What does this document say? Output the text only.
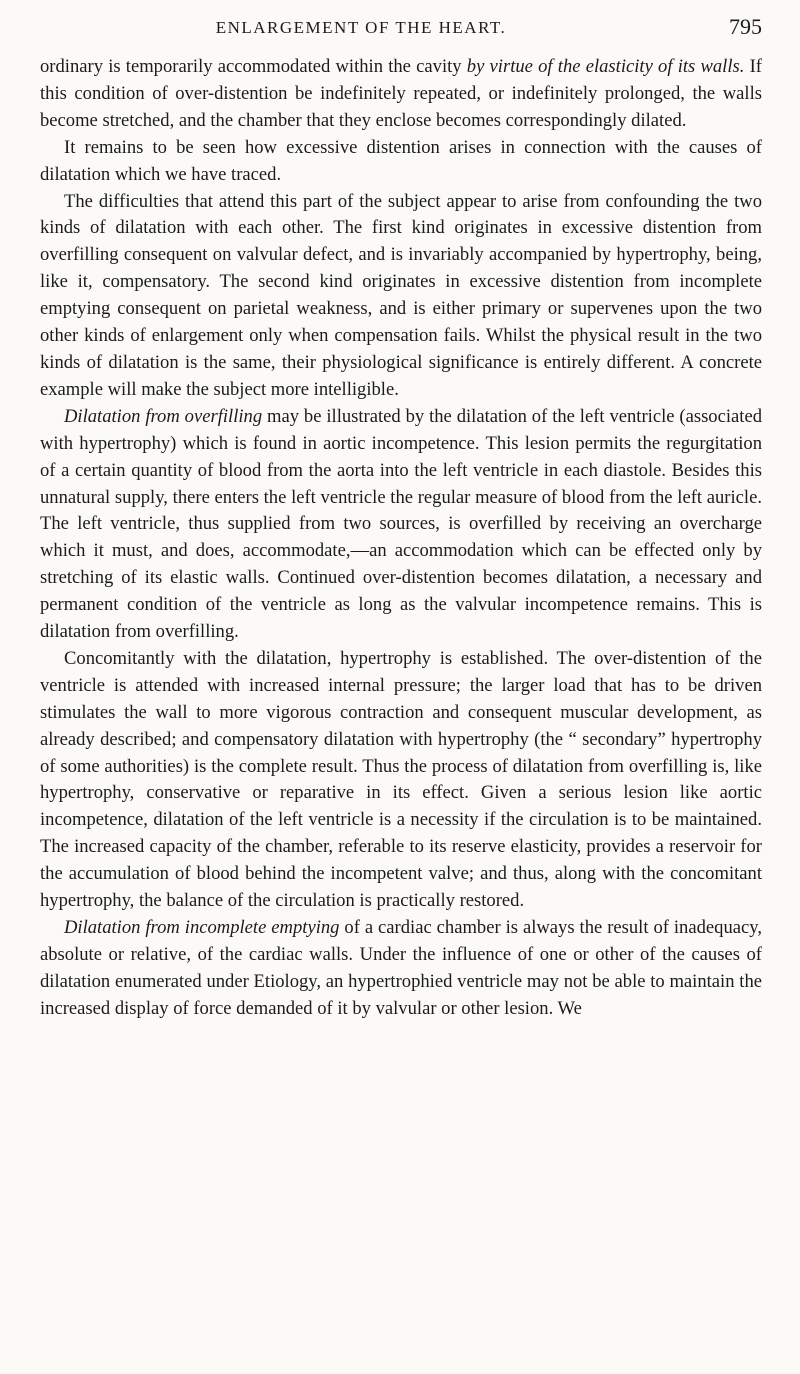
ENLARGEMENT OF THE HEART.	795

ordinary is temporarily accommodated within the cavity by virtue of the elasticity of its walls. If this condition of over-distention be indefinitely repeated, or indefinitely prolonged, the walls become stretched, and the chamber that they enclose becomes correspondingly dilated.

It remains to be seen how excessive distention arises in connection with the causes of dilatation which we have traced.

The difficulties that attend this part of the subject appear to arise from confounding the two kinds of dilatation with each other. The first kind originates in excessive distention from overfilling consequent on valvular defect, and is invariably accompanied by hypertrophy, being, like it, compensatory. The second kind originates in excessive distention from incomplete emptying consequent on parietal weakness, and is either primary or supervenes upon the two other kinds of enlargement only when compensation fails. Whilst the physical result in the two kinds of dilatation is the same, their physiological significance is entirely different. A concrete example will make the subject more intelligible.

Dilatation from overfilling may be illustrated by the dilatation of the left ventricle (associated with hypertrophy) which is found in aortic incompetence. This lesion permits the regurgitation of a certain quantity of blood from the aorta into the left ventricle in each diastole. Besides this unnatural supply, there enters the left ventricle the regular measure of blood from the left auricle. The left ventricle, thus supplied from two sources, is overfilled by receiving an overcharge which it must, and does, accommodate,—an accommodation which can be effected only by stretching of its elastic walls. Continued over-distention becomes dilatation, a necessary and permanent condition of the ventricle as long as the valvular incompetence remains. This is dilatation from overfilling.

Concomitantly with the dilatation, hypertrophy is established. The over-distention of the ventricle is attended with increased internal pressure; the larger load that has to be driven stimulates the wall to more vigorous contraction and consequent muscular development, as already described; and compensatory dilatation with hypertrophy (the “ secondary” hypertrophy of some authorities) is the complete result. Thus the process of dilatation from overfilling is, like hypertrophy, conservative or reparative in its effect. Given a serious lesion like aortic incompetence, dilatation of the left ventricle is a necessity if the circulation is to be maintained. The increased capacity of the chamber, referable to its reserve elasticity, provides a reservoir for the accumulation of blood behind the incompetent valve; and thus, along with the concomitant hypertrophy, the balance of the circulation is practically restored.

Dilatation from incomplete emptying of a cardiac chamber is always the result of inadequacy, absolute or relative, of the cardiac walls. Under the influence of one or other of the causes of dilatation enumerated under Etiology, an hypertrophied ventricle may not be able to maintain the increased display of force demanded of it by valvular or other lesion. We
